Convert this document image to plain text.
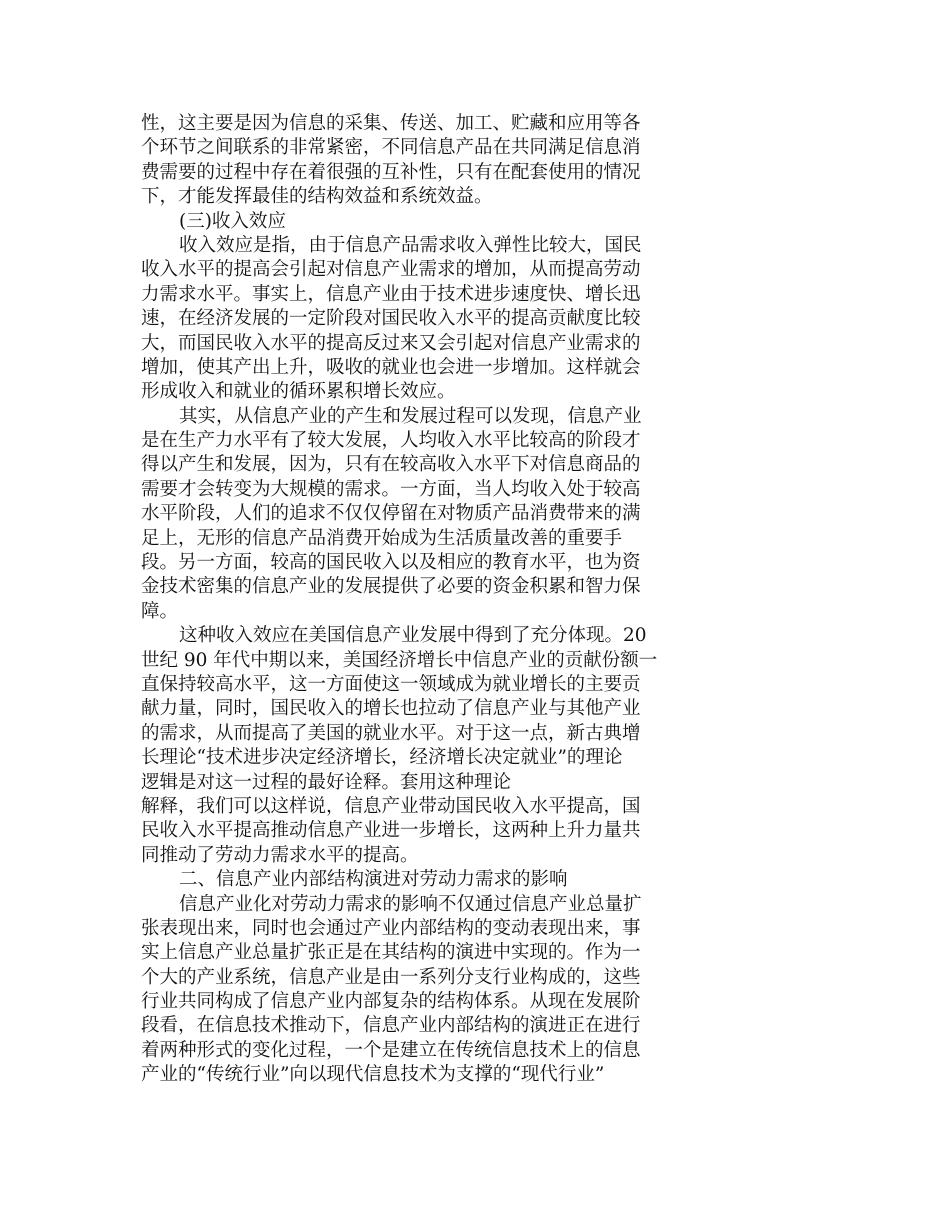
性，这主要是因为信息的采集、传送、加工、贮藏和应用等各
个环节之间联系的非常紧密，不同信息产品在共同满足信息消
费需要的过程中存在着很强的互补性，只有在配套使用的情况
下，才能发挥最佳的结构效益和系统效益。
(三)收入效应
收入效应是指，由于信息产品需求收入弹性比较大，国民
收入水平的提高会引起对信息产业需求的增加，从而提高劳动
力需求水平。事实上，信息产业由于技术进步速度快、增长迅
速，在经济发展的一定阶段对国民收入水平的提高贡献度比较
大，而国民收入水平的提高反过来又会引起对信息产业需求的
增加，使其产出上升，吸收的就业也会进一步增加。这样就会
形成收入和就业的循环累积增长效应。
其实，从信息产业的产生和发展过程可以发现，信息产业
是在生产力水平有了较大发展，人均收入水平比较高的阶段才
得以产生和发展，因为，只有在较高收入水平下对信息商品的
需要才会转变为大规模的需求。一方面，当人均收入处于较高
水平阶段，人们的追求不仅仅停留在对物质产品消费带来的满
足上，无形的信息产品消费开始成为生活质量改善的重要手
段。另一方面，较高的国民收入以及相应的教育水平，也为资
金技术密集的信息产业的发展提供了必要的资金积累和智力保
障。
这种收入效应在美国信息产业发展中得到了充分体现。20
世纪 90 年代中期以来，美国经济增长中信息产业的贡献份额一
直保持较高水平，这一方面使这一领域成为就业增长的主要贡
献力量，同时，国民收入的增长也拉动了信息产业与其他产业
的需求，从而提高了美国的就业水平。对于这一点，新古典增
长理论“技术进步决定经济增长，经济增长决定就业”的理论
逻辑是对这一过程的最好诠释。套用这种理论
解释，我们可以这样说，信息产业带动国民收入水平提高，国
民收入水平提高推动信息产业进一步增长，这两种上升力量共
同推动了劳动力需求水平的提高。
二、信息产业内部结构演进对劳动力需求的影响
信息产业化对劳动力需求的影响不仅通过信息产业总量扩
张表现出来，同时也会通过产业内部结构的变动表现出来，事
实上信息产业总量扩张正是在其结构的演进中实现的。作为一
个大的产业系统，信息产业是由一系列分支行业构成的，这些
行业共同构成了信息产业内部复杂的结构体系。从现在发展阶
段看，在信息技术推动下，信息产业内部结构的演进正在进行
着两种形式的变化过程，一个是建立在传统信息技术上的信息
产业的“传统行业”向以现代信息技术为支撑的“现代行业”
